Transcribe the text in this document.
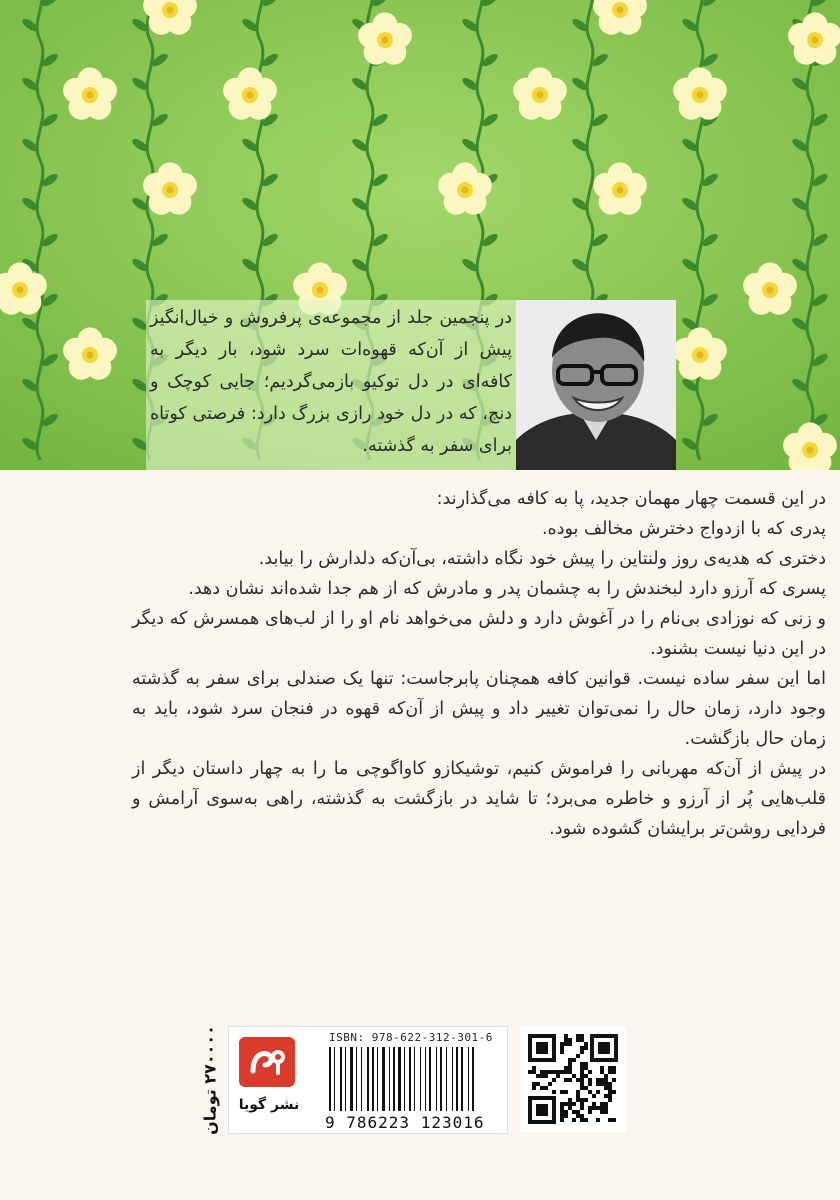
در پنجمین جلد از مجموعه‌ی پرفروش و خیال‌انگیز پیش از آن‌که قهوه‌ات سرد شود، بار دیگر به کافه‌ای در دل توکیو بازمی‌گردیم؛ جایی کوچک و دنج، که در دل خود رازی بزرگ دارد: فرصتی کوتاه برای سفر به گذشته.

در این قسمت چهار مهمان جدید، پا به کافه می‌گذارند:

پدری که با ازدواج دخترش مخالف بوده.

دختری که هدیه‌ی روز ولنتاین را پیش خود نگاه داشته، بی‌آن‌که دلدارش را بیابد.

پسری که آرزو دارد لبخندش را به چشمان پدر و مادرش که از هم جدا شده‌اند نشان دهد.

و زنی که نوزادی بی‌نام را در آغوش دارد و دلش می‌خواهد نام او را از لب‌های همسرش که دیگر در این دنیا نیست بشنود.

اما این سفر ساده نیست. قوانین کافه همچنان پابرجاست: تنها یک صندلی برای سفر به گذشته وجود دارد، زمان حال را نمی‌توان تغییر داد و پیش از آن‌که قهوه در فنجان سرد شود، باید به زمان حال بازگشت.

در پیش از آن‌که مهربانی را فراموش کنیم، توشیکازو کاواگوچی ما را به چهار داستان دیگر از قلب‌هایی پُر از آرزو و خاطره می‌برد؛ تا شاید در بازگشت به گذشته، راهی به‌سوی آرامش و فردایی روشن‌تر برایشان گشوده شود.

۲۷۰۰۰۰ تومان
نشر گویا
ISBN: 978-622-312-301-6
9 786223 123016
